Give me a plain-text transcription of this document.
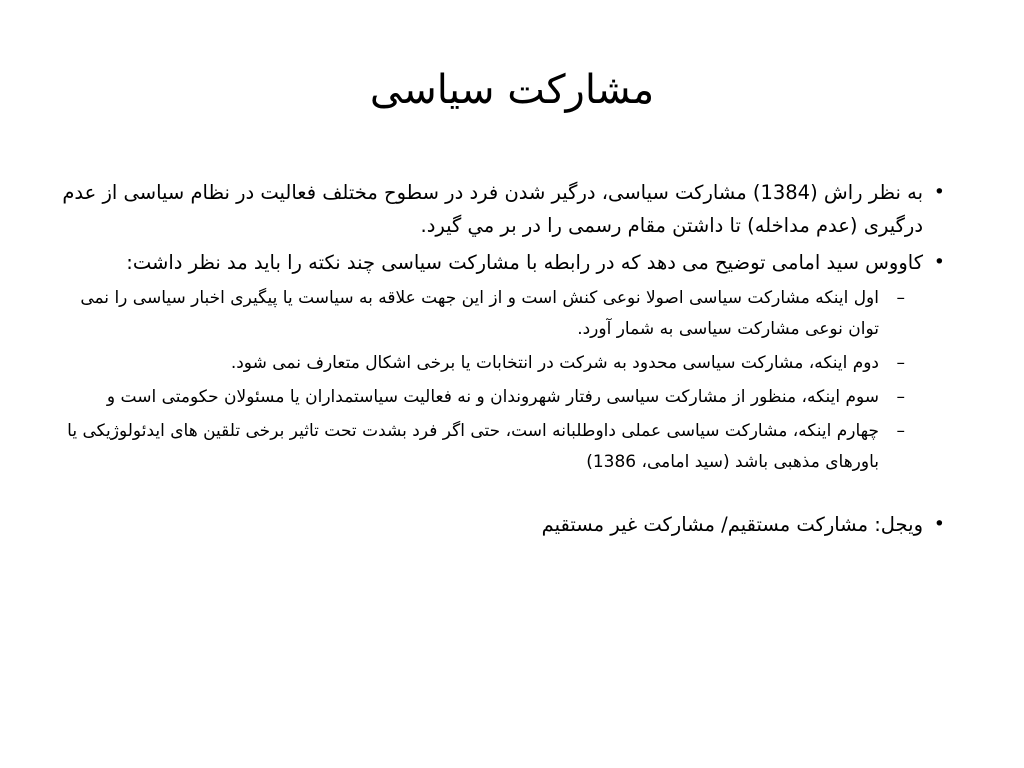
مشارکت سیاسی
•
به نظر راش (1384) مشارکت سیاسی، درگیر شدن فرد در سطوح مختلف فعالیت در نظام سیاسی از عدم درگیری (عدم مداخله) تا داشتن مقام رسمی را در بر مي گيرد.
•
کاووس سید امامی توضیح می دهد که در رابطه با مشارکت سیاسی چند نکته را باید مد نظر داشت:
–
اول اینکه مشارکت سیاسی اصولا نوعی کنش است و از این جهت علاقه به سیاست یا پیگیری اخبار سیاسی را نمی توان نوعی مشارکت سیاسی به شمار آورد.
–
دوم اینکه، مشارکت سیاسی محدود به شرکت در انتخابات یا برخی اشکال متعارف نمی شود.
–
سوم اینکه، منظور از مشارکت سیاسی رفتار شهروندان و نه فعالیت سیاستمداران یا مسئولان حکومتی است و
–
چهارم اینکه، مشارکت سیاسی عملی داوطلبانه است، حتی اگر فرد بشدت تحت تاثیر برخی تلقین های ایدئولوژیکی یا باورهای مذهبی باشد (سید امامی، 1386)
•
ویجل: مشارکت مستقیم/ مشارکت غیر مستقیم
